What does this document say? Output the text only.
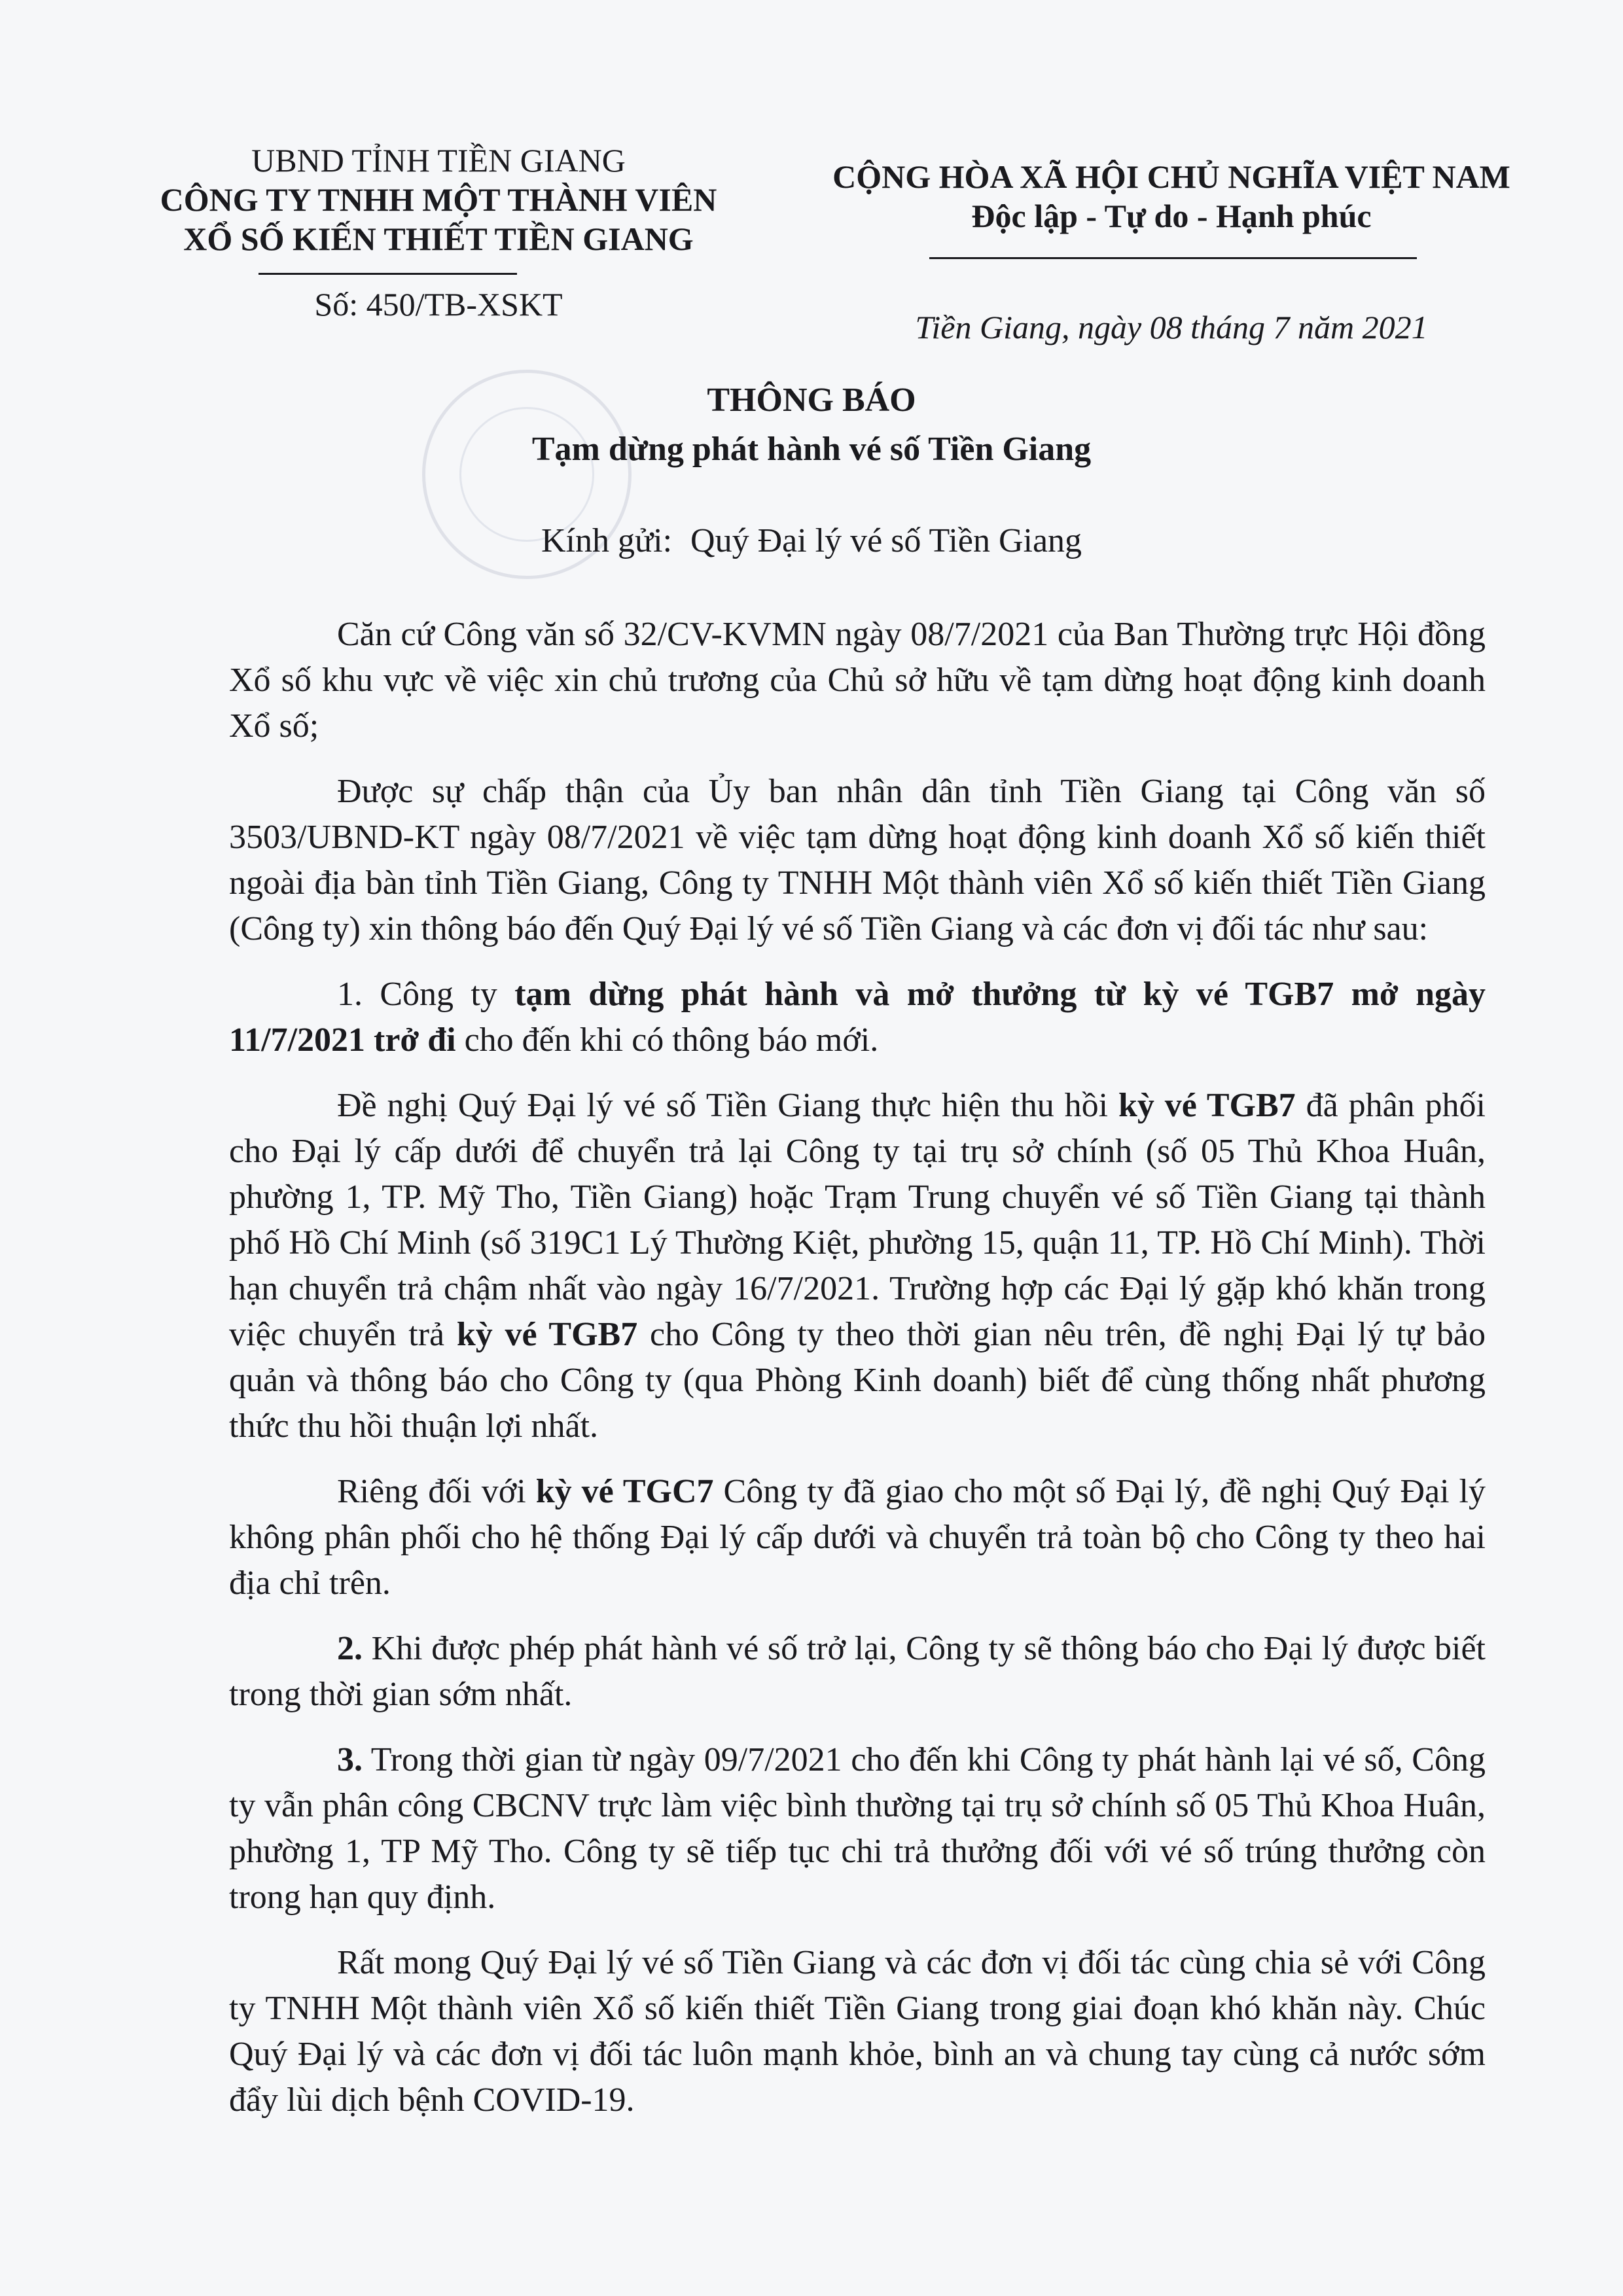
UBND TỈNH TIỀN GIANG
CÔNG TY TNHH MỘT THÀNH VIÊN
XỔ SỐ KIẾN THIẾT TIỀN GIANG
Số: 450/TB-XSKT
CỘNG HÒA XÃ HỘI CHỦ NGHĨA VIỆT NAM
Độc lập - Tự do - Hạnh phúc
Tiền Giang, ngày 08 tháng 7 năm 2021
THÔNG BÁO
Tạm dừng phát hành vé số Tiền Giang
Kính gửi: Quý Đại lý vé số Tiền Giang

Căn cứ Công văn số 32/CV-KVMN ngày 08/7/2021 của Ban Thường trực Hội đồng Xổ số khu vực về việc xin chủ trương của Chủ sở hữu về tạm dừng hoạt động kinh doanh Xổ số;

Được sự chấp thận của Ủy ban nhân dân tỉnh Tiền Giang tại Công văn số 3503/UBND-KT ngày 08/7/2021 về việc tạm dừng hoạt động kinh doanh Xổ số kiến thiết ngoài địa bàn tỉnh Tiền Giang, Công ty TNHH Một thành viên Xổ số kiến thiết Tiền Giang (Công ty) xin thông báo đến Quý Đại lý vé số Tiền Giang và các đơn vị đối tác như sau:

1. Công ty tạm dừng phát hành và mở thưởng từ kỳ vé TGB7 mở ngày 11/7/2021 trở đi cho đến khi có thông báo mới.

Đề nghị Quý Đại lý vé số Tiền Giang thực hiện thu hồi kỳ vé TGB7 đã phân phối cho Đại lý cấp dưới để chuyển trả lại Công ty tại trụ sở chính (số 05 Thủ Khoa Huân, phường 1, TP. Mỹ Tho, Tiền Giang) hoặc Trạm Trung chuyển vé số Tiền Giang tại thành phố Hồ Chí Minh (số 319C1 Lý Thường Kiệt, phường 15, quận 11, TP. Hồ Chí Minh). Thời hạn chuyển trả chậm nhất vào ngày 16/7/2021. Trường hợp các Đại lý gặp khó khăn trong việc chuyển trả kỳ vé TGB7 cho Công ty theo thời gian nêu trên, đề nghị Đại lý tự bảo quản và thông báo cho Công ty (qua Phòng Kinh doanh) biết để cùng thống nhất phương thức thu hồi thuận lợi nhất.

Riêng đối với kỳ vé TGC7 Công ty đã giao cho một số Đại lý, đề nghị Quý Đại lý không phân phối cho hệ thống Đại lý cấp dưới và chuyển trả toàn bộ cho Công ty theo hai địa chỉ trên.

2. Khi được phép phát hành vé số trở lại, Công ty sẽ thông báo cho Đại lý được biết trong thời gian sớm nhất.

3. Trong thời gian từ ngày 09/7/2021 cho đến khi Công ty phát hành lại vé số, Công ty vẫn phân công CBCNV trực làm việc bình thường tại trụ sở chính số 05 Thủ Khoa Huân, phường 1, TP Mỹ Tho. Công ty sẽ tiếp tục chi trả thưởng đối với vé số trúng thưởng còn trong hạn quy định.

Rất mong Quý Đại lý vé số Tiền Giang và các đơn vị đối tác cùng chia sẻ với Công ty TNHH Một thành viên Xổ số kiến thiết Tiền Giang trong giai đoạn khó khăn này. Chúc Quý Đại lý và các đơn vị đối tác luôn mạnh khỏe, bình an và chung tay cùng cả nước sớm đẩy lùi dịch bệnh COVID-19.
